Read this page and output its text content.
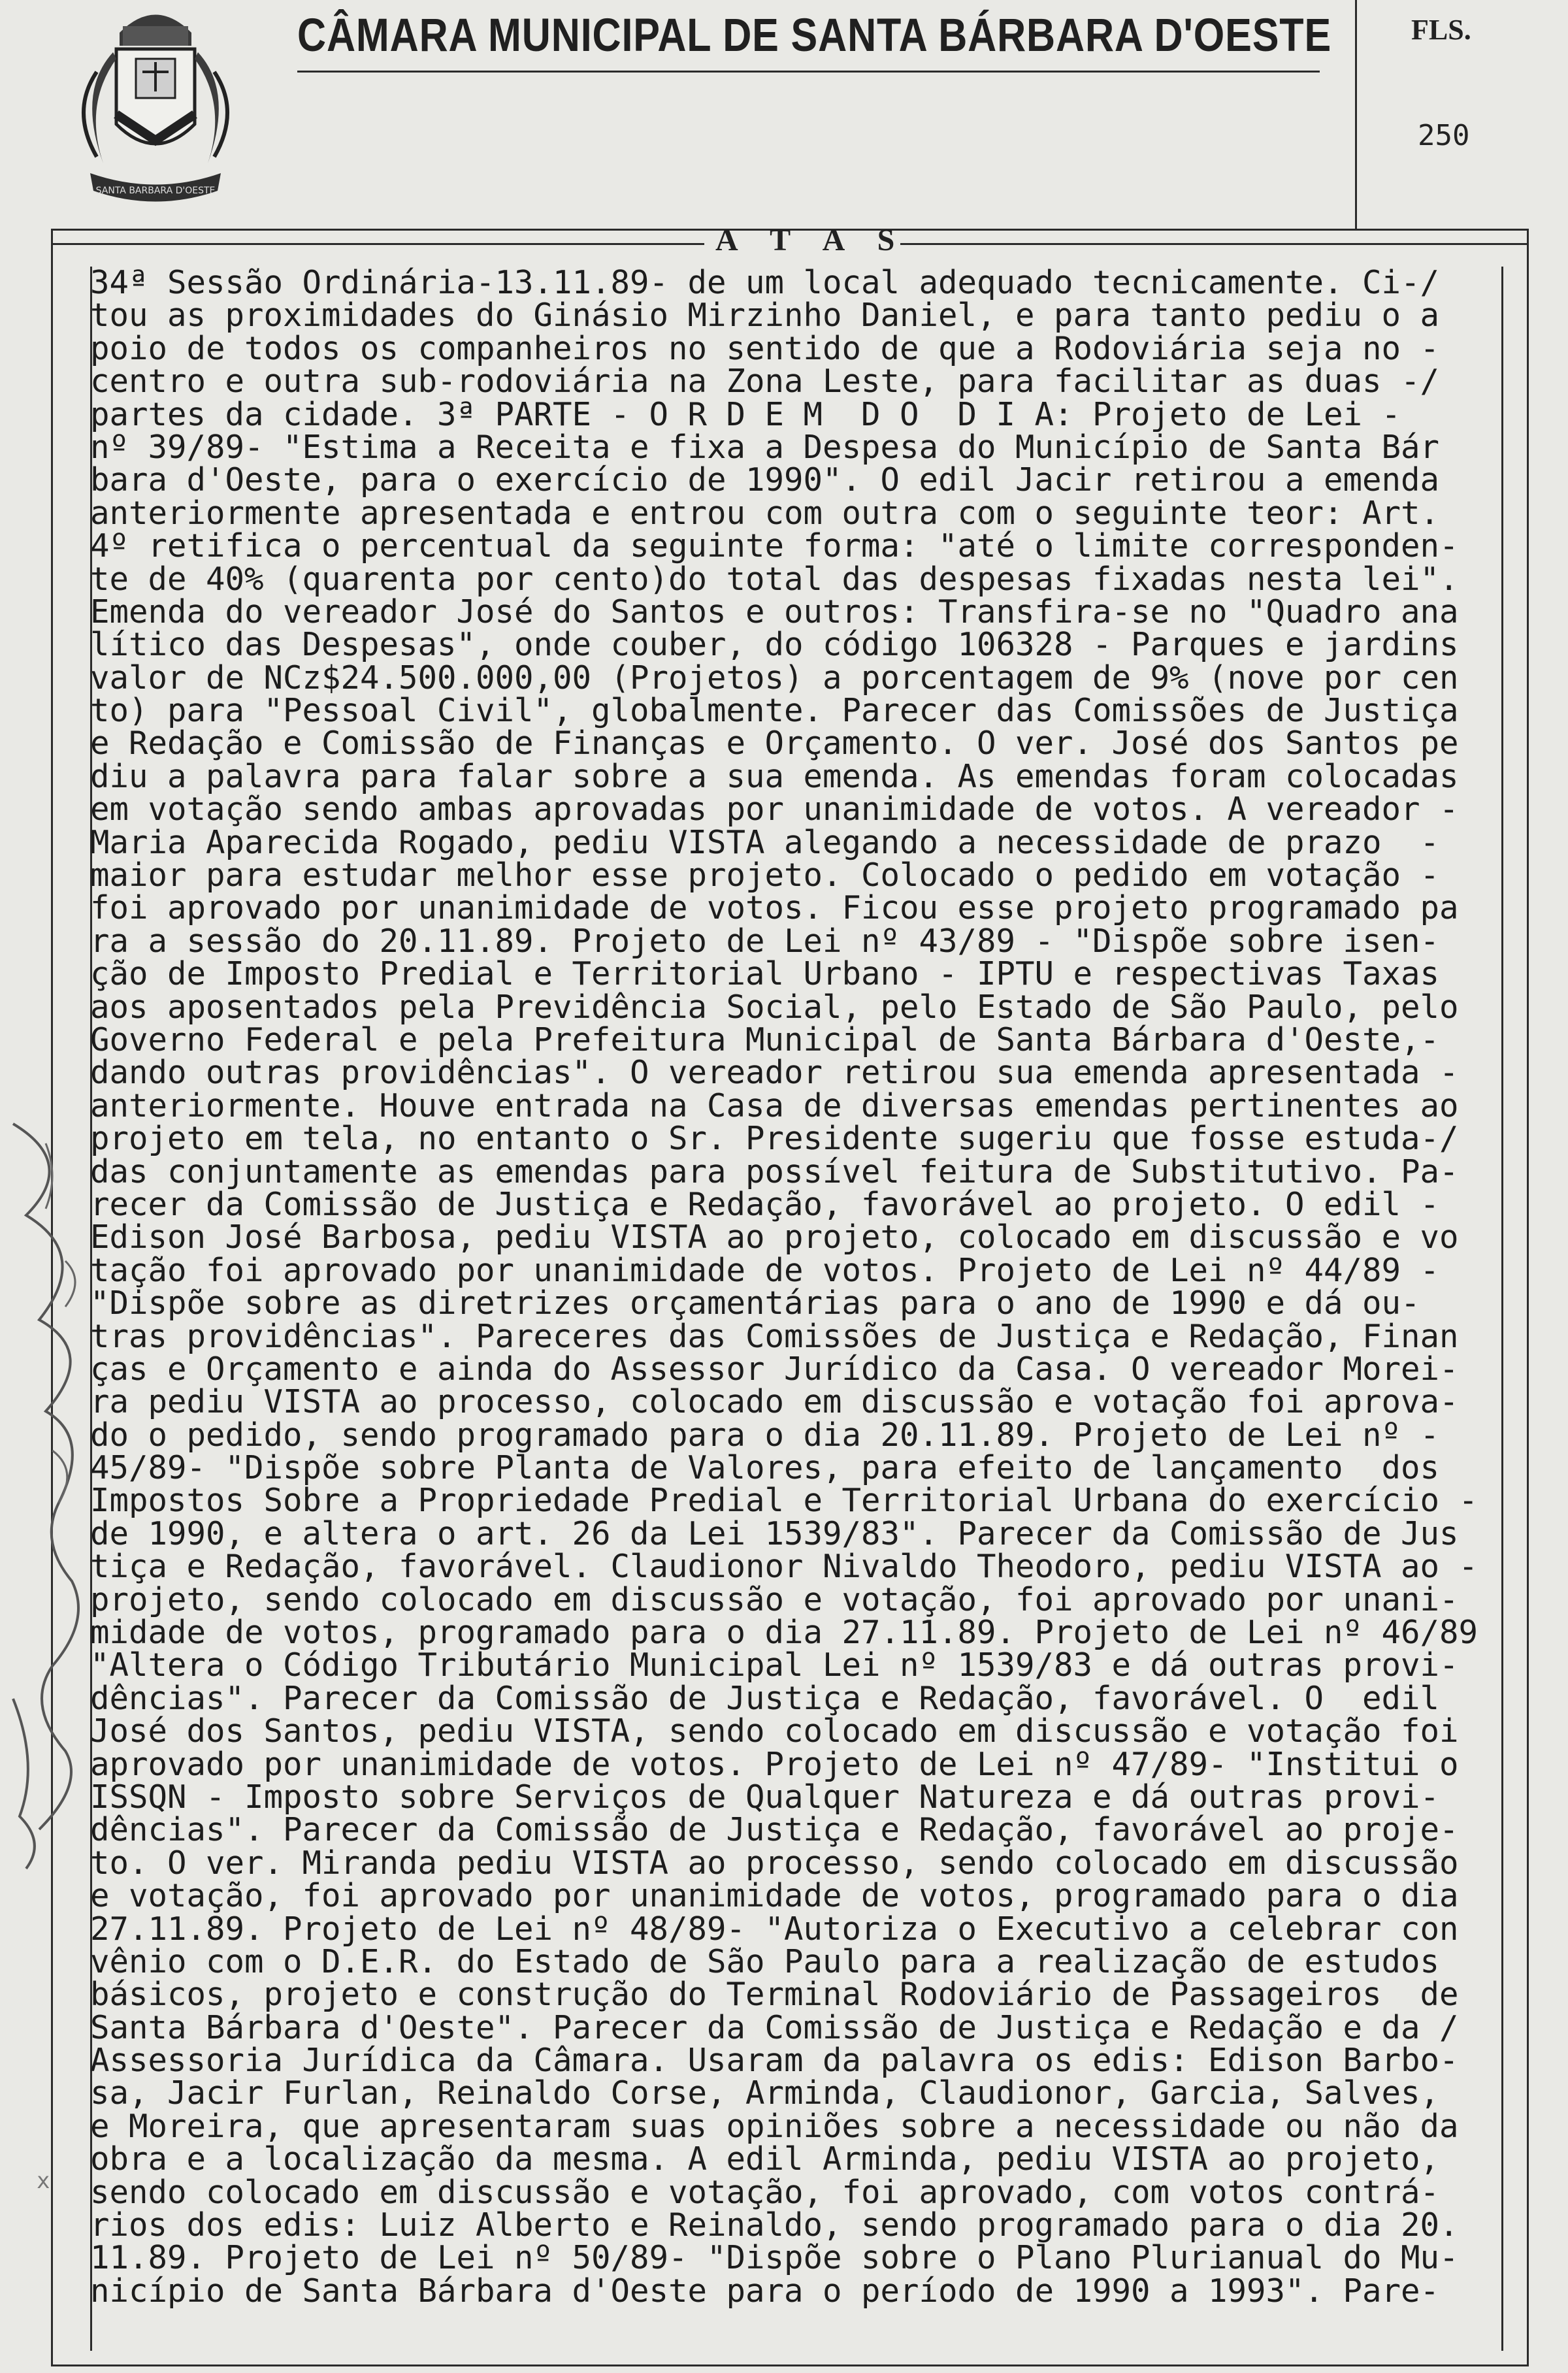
SANTA BARBARA D'OESTE
CÂMARA MUNICIPAL DE SANTA BÁRBARA D'OESTE	FLS.
250
A T A S
34ª Sessão Ordinária-13.11.89- de um local adequado tecnicamente. Ci-/
tou as proximidades do Ginásio Mirzinho Daniel, e para tanto pediu o a
poio de todos os companheiros no sentido de que a Rodoviária seja no -
centro e outra sub-rodoviária na Zona Leste, para facilitar as duas -/
partes da cidade. 3ª PARTE - O R D E M  D O  D I A: Projeto de Lei -
nº 39/89- "Estima a Receita e fixa a Despesa do Município de Santa Bár
bara d'Oeste, para o exercício de 1990". O edil Jacir retirou a emenda
anteriormente apresentada e entrou com outra com o seguinte teor: Art.
4º retifica o percentual da seguinte forma: "até o limite corresponden-
te de 40% (quarenta por cento)do total das despesas fixadas nesta lei".
Emenda do vereador José do Santos e outros: Transfira-se no "Quadro ana
lítico das Despesas", onde couber, do código 106328 - Parques e jardins
valor de NCz$24.500.000,00 (Projetos) a porcentagem de 9% (nove por cen
to) para "Pessoal Civil", globalmente. Parecer das Comissões de Justiça
e Redação e Comissão de Finanças e Orçamento. O ver. José dos Santos pe
diu a palavra para falar sobre a sua emenda. As emendas foram colocadas
em votação sendo ambas aprovadas por unanimidade de votos. A vereador -
Maria Aparecida Rogado, pediu VISTA alegando a necessidade de prazo  -
maior para estudar melhor esse projeto. Colocado o pedido em votação -
foi aprovado por unanimidade de votos. Ficou esse projeto programado pa
ra a sessão do 20.11.89. Projeto de Lei nº 43/89 - "Dispõe sobre isen-
ção de Imposto Predial e Territorial Urbano - IPTU e respectivas Taxas
aos aposentados pela Previdência Social, pelo Estado de São Paulo, pelo
Governo Federal e pela Prefeitura Municipal de Santa Bárbara d'Oeste,-
dando outras providências". O vereador retirou sua emenda apresentada -
anteriormente. Houve entrada na Casa de diversas emendas pertinentes ao
projeto em tela, no entanto o Sr. Presidente sugeriu que fosse estuda-/
das conjuntamente as emendas para possível feitura de Substitutivo. Pa-
recer da Comissão de Justiça e Redação, favorável ao projeto. O edil -
Edison José Barbosa, pediu VISTA ao projeto, colocado em discussão e vo
tação foi aprovado por unanimidade de votos. Projeto de Lei nº 44/89 -
"Dispõe sobre as diretrizes orçamentárias para o ano de 1990 e dá ou-
tras providências". Pareceres das Comissões de Justiça e Redação, Finan
ças e Orçamento e ainda do Assessor Jurídico da Casa. O vereador Morei-
ra pediu VISTA ao processo, colocado em discussão e votação foi aprova-
do o pedido, sendo programado para o dia 20.11.89. Projeto de Lei nº -
45/89- "Dispõe sobre Planta de Valores, para efeito de lançamento  dos
Impostos Sobre a Propriedade Predial e Territorial Urbana do exercício -
de 1990, e altera o art. 26 da Lei 1539/83". Parecer da Comissão de Jus
tiça e Redação, favorável. Claudionor Nivaldo Theodoro, pediu VISTA ao -
projeto, sendo colocado em discussão e votação, foi aprovado por unani-
midade de votos, programado para o dia 27.11.89. Projeto de Lei nº 46/89
"Altera o Código Tributário Municipal Lei nº 1539/83 e dá outras provi-
dências". Parecer da Comissão de Justiça e Redação, favorável. O  edil
José dos Santos, pediu VISTA, sendo colocado em discussão e votação foi
aprovado por unanimidade de votos. Projeto de Lei nº 47/89- "Institui o
ISSQN - Imposto sobre Serviços de Qualquer Natureza e dá outras provi-
dências". Parecer da Comissão de Justiça e Redação, favorável ao proje-
to. O ver. Miranda pediu VISTA ao processo, sendo colocado em discussão
e votação, foi aprovado por unanimidade de votos, programado para o dia
27.11.89. Projeto de Lei nº 48/89- "Autoriza o Executivo a celebrar con
vênio com o D.E.R. do Estado de São Paulo para a realização de estudos
básicos, projeto e construção do Terminal Rodoviário de Passageiros  de
Santa Bárbara d'Oeste". Parecer da Comissão de Justiça e Redação e da /
Assessoria Jurídica da Câmara. Usaram da palavra os edis: Edison Barbo-
sa, Jacir Furlan, Reinaldo Corse, Arminda, Claudionor, Garcia, Salves,
e Moreira, que apresentaram suas opiniões sobre a necessidade ou não da
obra e a localização da mesma. A edil Arminda, pediu VISTA ao projeto,
sendo colocado em discussão e votação, foi aprovado, com votos contrá-
rios dos edis: Luiz Alberto e Reinaldo, sendo programado para o dia 20.
11.89. Projeto de Lei nº 50/89- "Dispõe sobre o Plano Plurianual do Mu-
nicípio de Santa Bárbara d'Oeste para o período de 1990 a 1993". Pare-
x
